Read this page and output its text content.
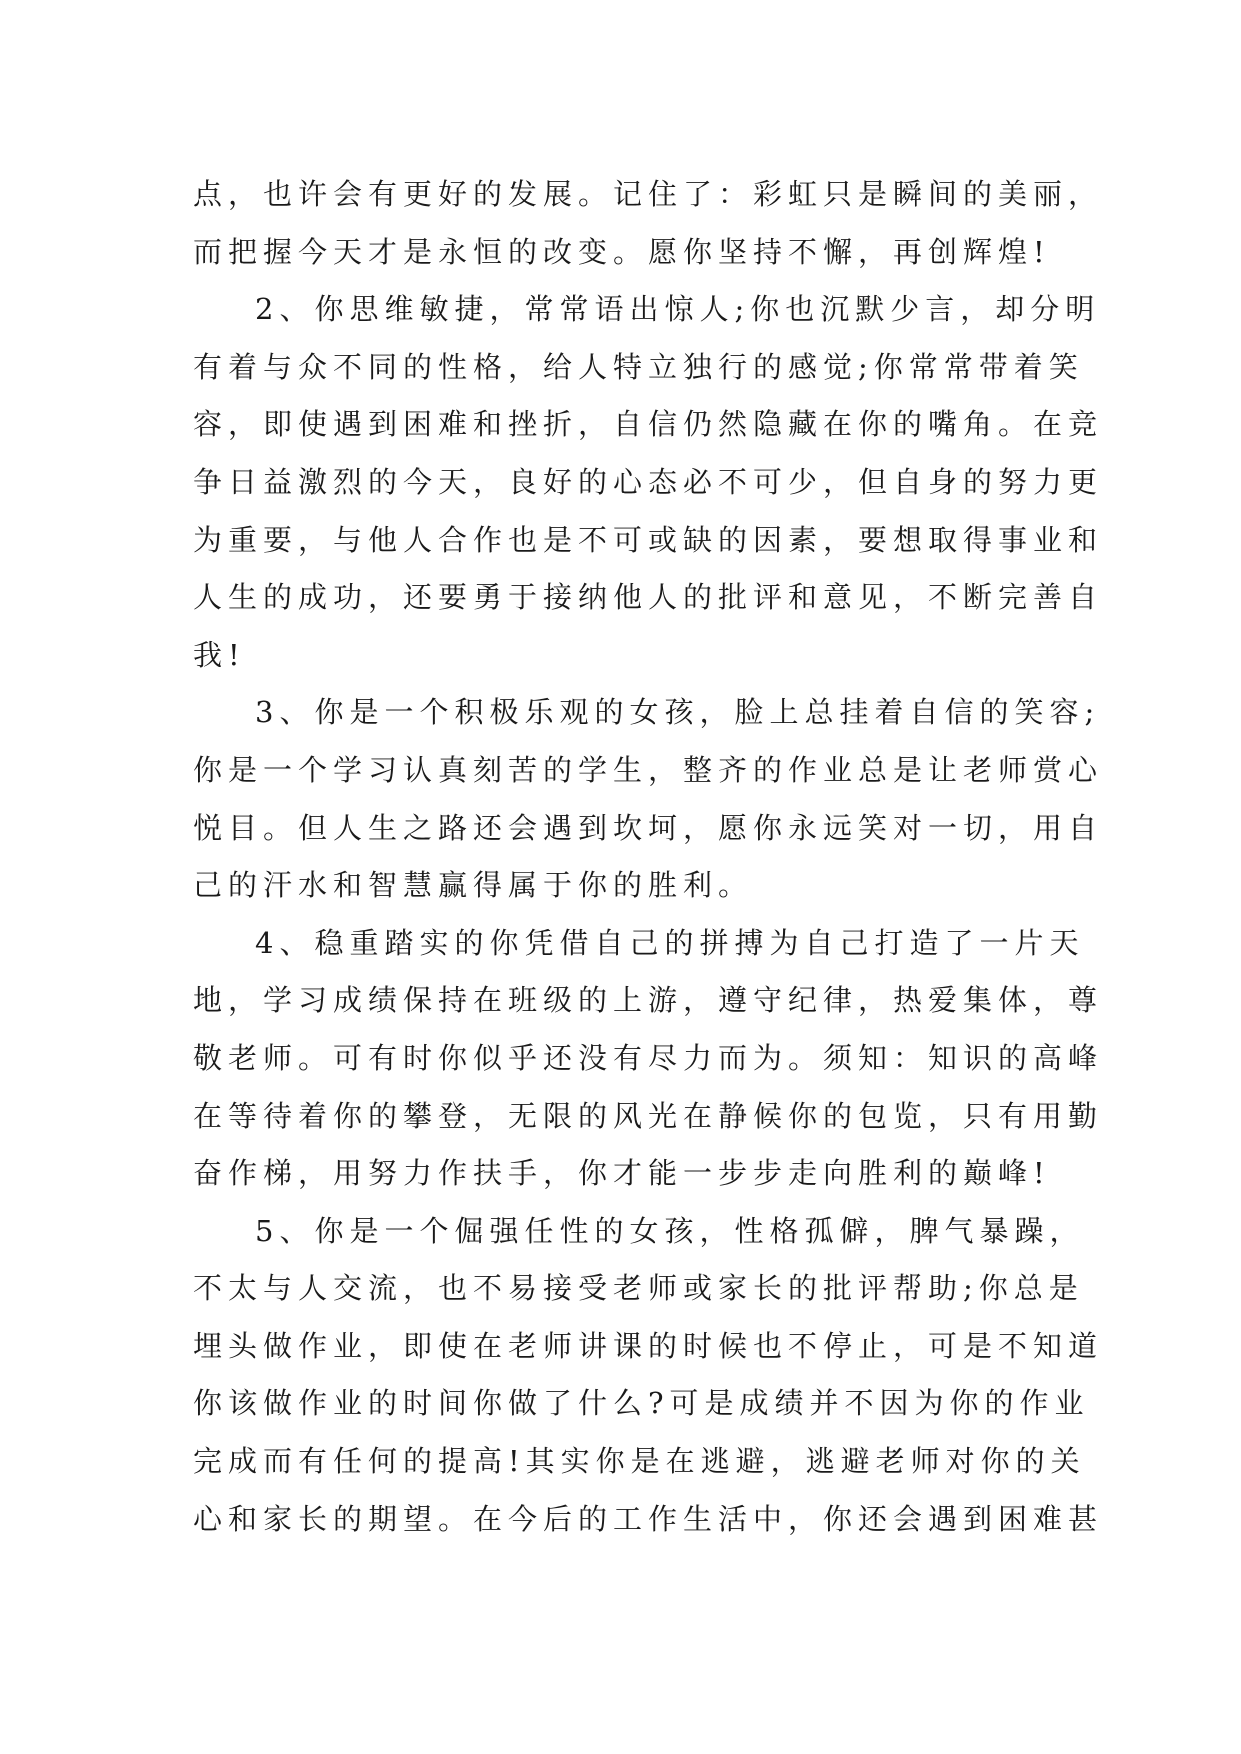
点，也许会有更好的发展。记住了：彩虹只是瞬间的美丽，
而把握今天才是永恒的改变。愿你坚持不懈，再创辉煌!
2、你思维敏捷，常常语出惊人;你也沉默少言，却分明
有着与众不同的性格，给人特立独行的感觉;你常常带着笑
容，即使遇到困难和挫折，自信仍然隐藏在你的嘴角。在竞
争日益激烈的今天，良好的心态必不可少，但自身的努力更
为重要，与他人合作也是不可或缺的因素，要想取得事业和
人生的成功，还要勇于接纳他人的批评和意见，不断完善自
我!
3、你是一个积极乐观的女孩，脸上总挂着自信的笑容;
你是一个学习认真刻苦的学生，整齐的作业总是让老师赏心
悦目。但人生之路还会遇到坎坷，愿你永远笑对一切，用自
己的汗水和智慧赢得属于你的胜利。
4、稳重踏实的你凭借自己的拼搏为自己打造了一片天
地，学习成绩保持在班级的上游，遵守纪律，热爱集体，尊
敬老师。可有时你似乎还没有尽力而为。须知：知识的高峰
在等待着你的攀登，无限的风光在静候你的包览，只有用勤
奋作梯，用努力作扶手，你才能一步步走向胜利的巅峰!
5、你是一个倔强任性的女孩，性格孤僻，脾气暴躁，
不太与人交流，也不易接受老师或家长的批评帮助;你总是
埋头做作业，即使在老师讲课的时候也不停止，可是不知道
你该做作业的时间你做了什么?可是成绩并不因为你的作业
完成而有任何的提高!其实你是在逃避，逃避老师对你的关
心和家长的期望。在今后的工作生活中，你还会遇到困难甚
